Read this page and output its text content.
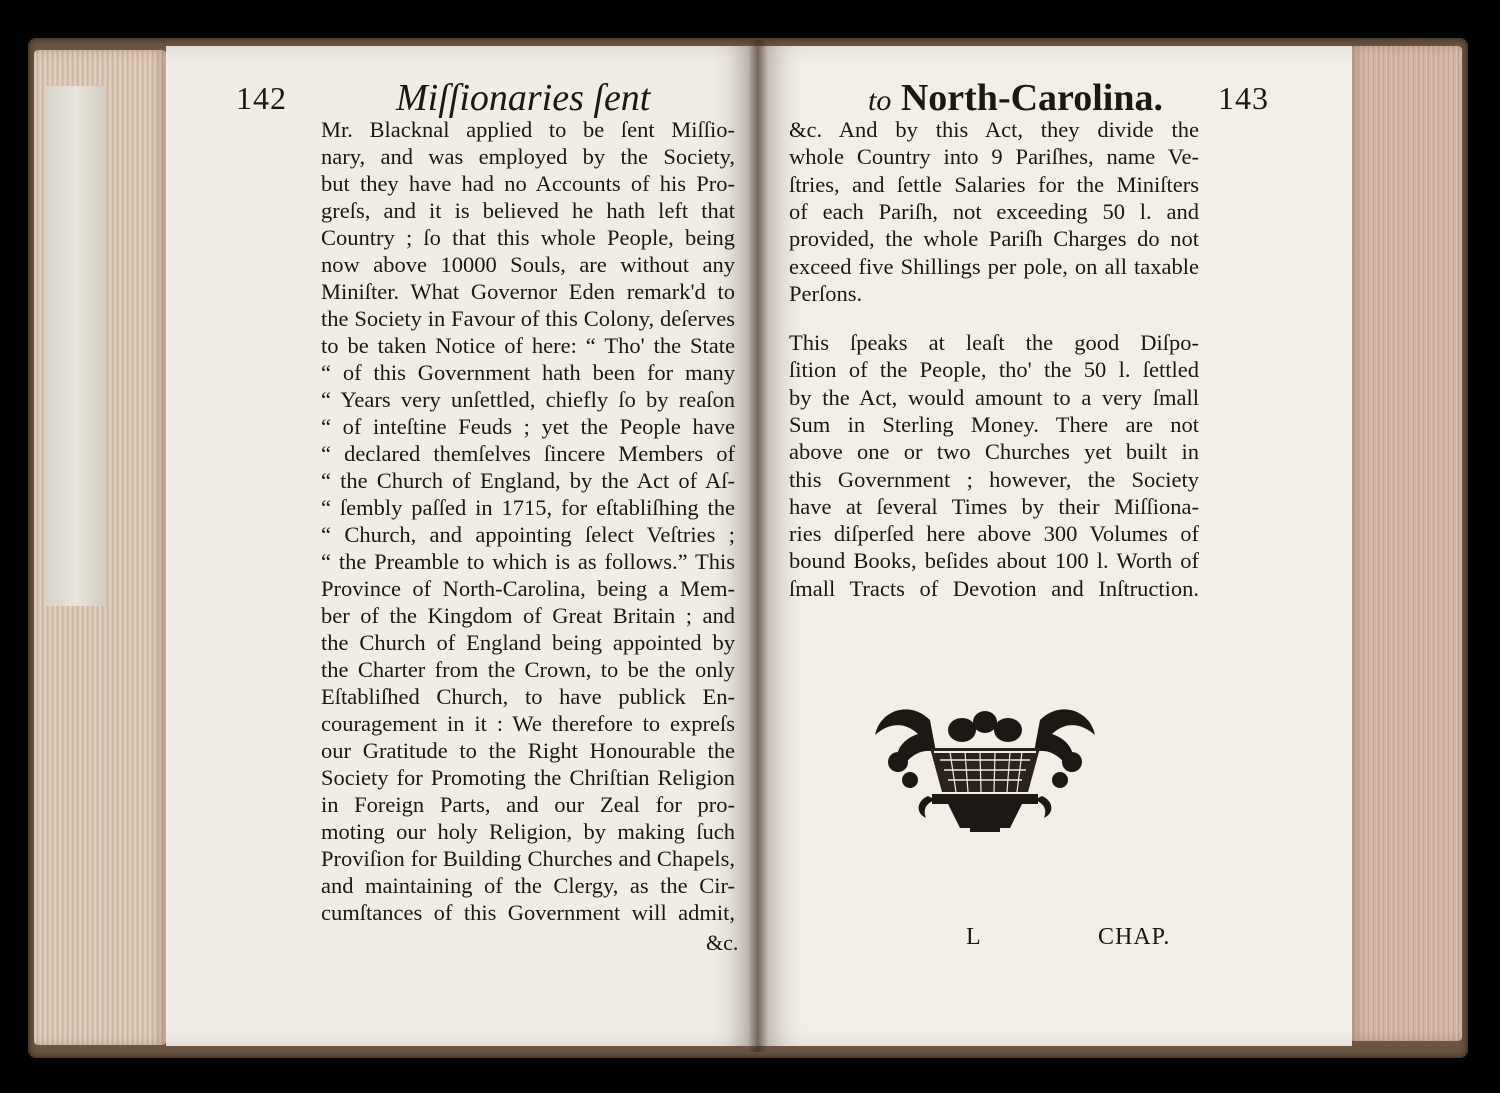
142	Miſſionaries ſent	to North-Carolina. 143
Mr. Blacknal applied to be ſent Miſſio-
nary, and was employed by the Society,
but they have had no Accounts of his Pro-
greſs, and it is believed he hath left that
Country ; ſo that this whole People, being
now above 10000 Souls, are without any
Miniſter. What Governor Eden remark'd to
the Society in Favour of this Colony, deſerves
to be taken Notice of here: “ Tho' the State
“ of this Government hath been for many
“ Years very unſettled, chiefly ſo by reaſon
“ of inteſtine Feuds ; yet the People have
“ declared themſelves ſincere Members of
“ the Church of England, by the Act of Aſ-
“ ſembly paſſed in 1715, for eſtabliſhing the
“ Church, and appointing ſelect Veſtries ;
“ the Preamble to which is as follows.” This
Province of North-Carolina, being a Mem-
ber of the Kingdom of Great Britain ; and
the Church of England being appointed by
the Charter from the Crown, to be the only
Eſtabliſhed Church, to have publick En-
couragement in it : We therefore to expreſs
our Gratitude to the Right Honourable the
Society for Promoting the Chriſtian Religion
in Foreign Parts, and our Zeal for pro-
moting our holy Religion, by making ſuch
Proviſion for Building Churches and Chapels,
and maintaining of the Clergy, as the Cir-
cumſtances of this Government will admit,
&c.
&c. And by this Act, they divide the
whole Country into 9 Pariſhes, name Ve-
ſtries, and ſettle Salaries for the Miniſters
of each Pariſh, not exceeding 50 l. and
provided, the whole Pariſh Charges do not
exceed five Shillings per pole, on all taxable
Perſons.
This ſpeaks at leaſt the good Diſpo-
ſition of the People, tho' the 50 l. ſettled
by the Act, would amount to a very ſmall
Sum in Sterling Money. There are not
above one or two Churches yet built in
this Government ; however, the Society
have at ſeveral Times by their Miſſiona-
ries diſperſed here above 300 Volumes of
bound Books, beſides about 100 l. Worth of
ſmall Tracts of Devotion and Inſtruction.
L	CHAP.
